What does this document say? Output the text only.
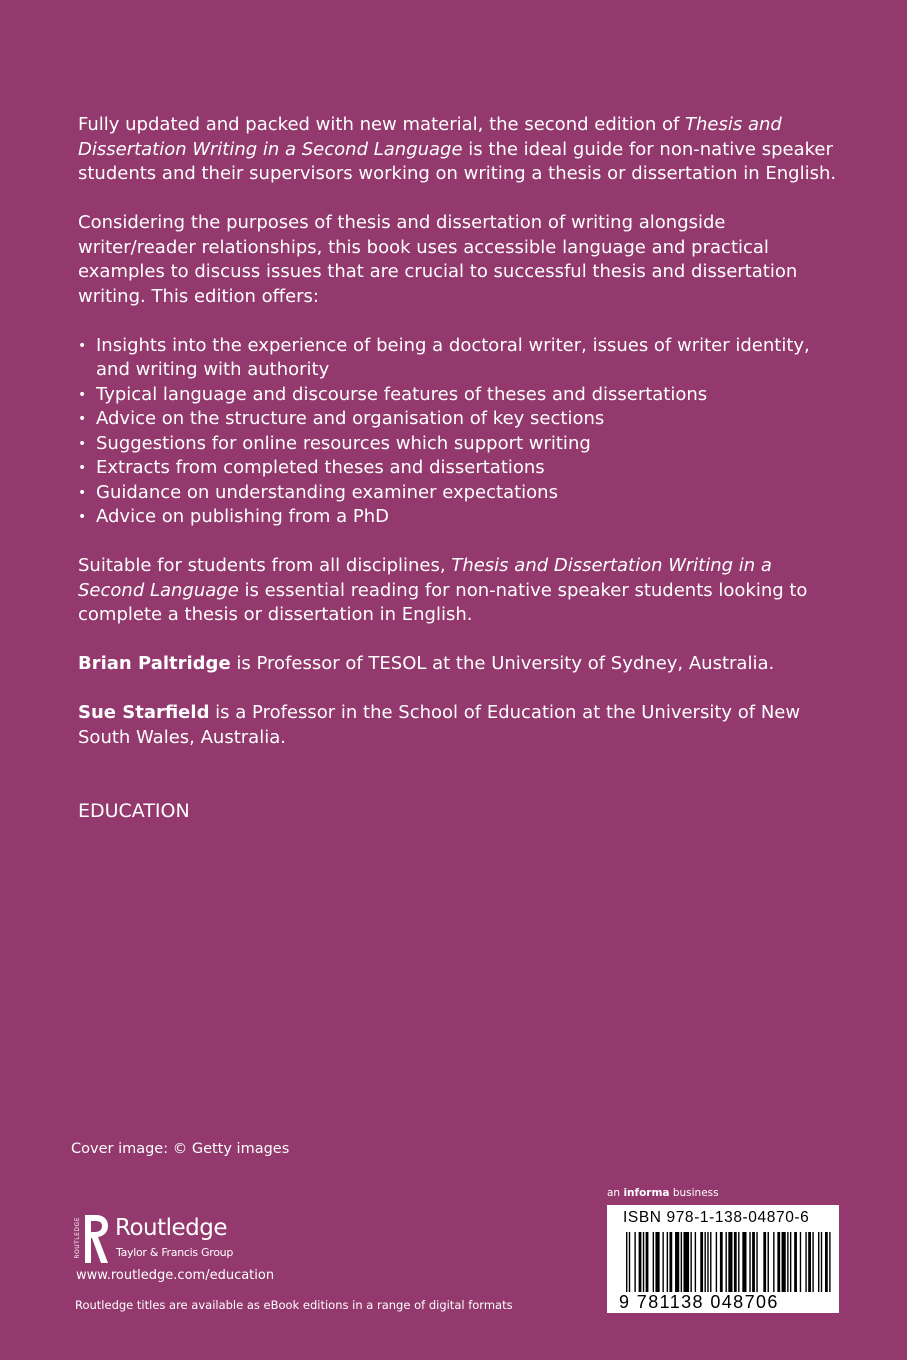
Fully updated and packed with new material, the second edition of Thesis and Dissertation Writing in a Second Language is the ideal guide for non-native speaker students and their supervisors working on writing a thesis or dissertation in English.

Considering the purposes of thesis and dissertation of writing alongside writer/reader relationships, this book uses accessible language and practical examples to discuss issues that are crucial to successful thesis and dissertation writing. This edition offers:

• Insights into the experience of being a doctoral writer, issues of writer identity, and writing with authority
• Typical language and discourse features of theses and dissertations
• Advice on the structure and organisation of key sections
• Suggestions for online resources which support writing
• Extracts from completed theses and dissertations
• Guidance on understanding examiner expectations
• Advice on publishing from a PhD

Suitable for students from all disciplines, Thesis and Dissertation Writing in a Second Language is essential reading for non-native speaker students looking to complete a thesis or dissertation in English.

Brian Paltridge is Professor of TESOL at the University of Sydney, Australia.

Sue Starfield is a Professor in the School of Education at the University of New South Wales, Australia.

EDUCATION
Cover image: © Getty images
ROUTLEDGE Routledge
Taylor & Francis Group
www.routledge.com/education
Routledge titles are available as eBook editions in a range of digital formats
an informa business
ISBN 978-1-138-04870-6
9 781138 048706
